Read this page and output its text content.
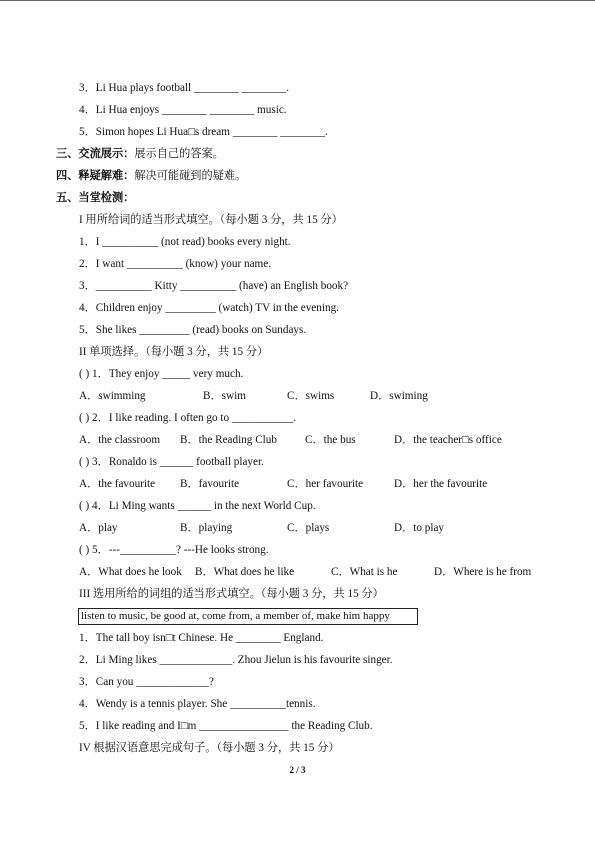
3．Li Hua plays football ________ ________.
4．Li Hua enjoys ________ ________ music.
5．Simon hopes Li Hua□s dream ________ ________.
三、交流展示：展示自己的答案。
四、释疑解难：解决可能碰到的疑难。
五、当堂检测：
I 用所给词的适当形式填空。（每小题 3 分，共 15 分）
1．I __________ (not read) books every night.
2．I want __________ (know) your name.
3．__________ Kitty __________ (have) an English book?
4．Children enjoy _________ (watch) TV in the evening.
5．She likes _________ (read) books on Sundays.
II 单项选择。（每小题 3 分，共 15 分）
( ) 1．They enjoy _____ very much.
A．swimming	B．swim	C．swims	D．swiming
( ) 2．I like reading. I often go to ___________.
A．the classroom B．the Reading Club	C．the bus	D．the teacher□s office
( ) 3．Ronaldo is ______ football player.
A．the favourite B．favourite	C．her favourite	D．her the favourite
( ) 4．Li Ming wants ______ in the next World Cup.
A．play	B．playing	C．plays	D．to play
( ) 5．---__________? ---He looks strong.
A．What does he look B．What does he like	C．What is he	D．Where is he from
III 选用所给的词组的适当形式填空。（每小题 3 分，共 15 分）
listen to music, be good at, come from, a member of, make him happy
1．The tall boy isn□t Chinese. He ________ England.
2．Li Ming likes _____________. Zhou Jielun is his favourite singer.
3．Can you _____________?
4．Wendy is a tennis player. She __________tennis.
5．I like reading and I□m ________________ the Reading Club.
IV 根据汉语意思完成句子。（每小题 3 分，共 15 分）
2 / 3
